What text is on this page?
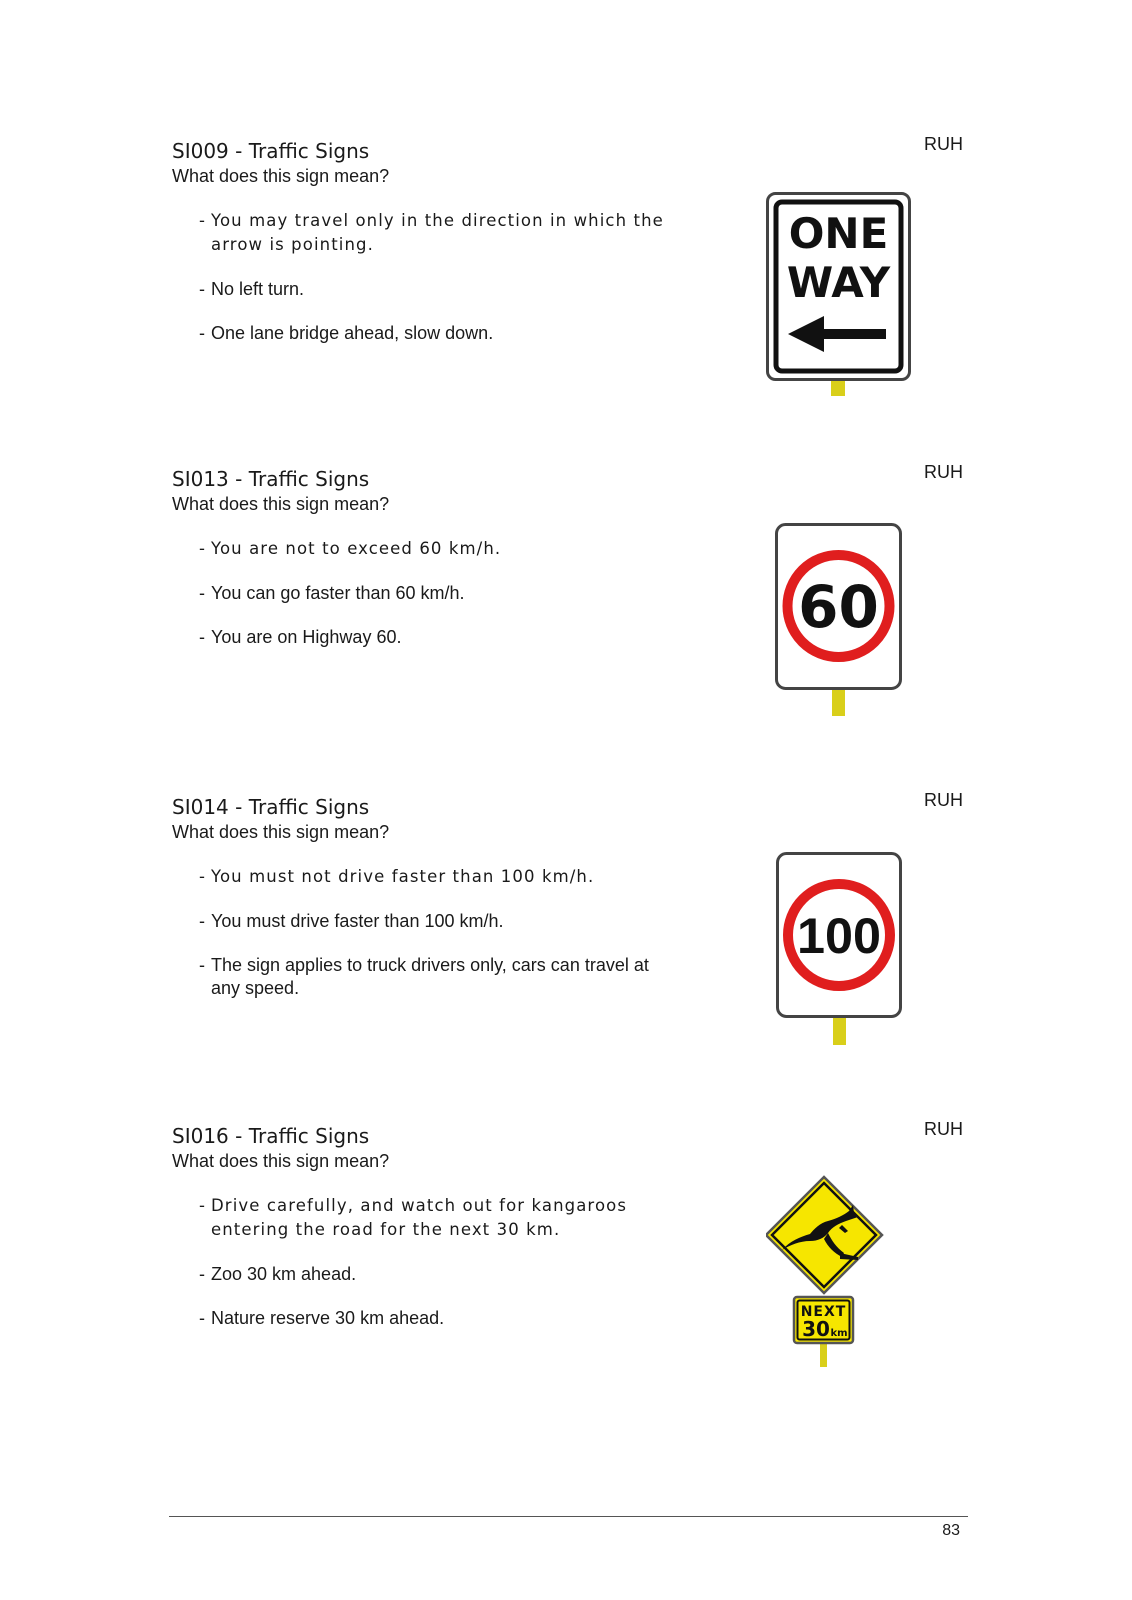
SI009 - Traffic Signs

What does this sign mean?

RUH

- You may travel only in the direction in which the arrow is pointing.

- No left turn.

- One lane bridge ahead, slow down.

ONE
WAY
SI013 - Traffic Signs

What does this sign mean?

RUH

- You are not to exceed 60 km/h.

- You can go faster than 60 km/h.

- You are on Highway 60.	60
SI014 - Traffic Signs

What does this sign mean?

RUH

- You must not drive faster than 100 km/h.

- You must drive faster than 100 km/h.

- The sign applies to truck drivers only, cars can travel at any speed.

100
SI016 - Traffic Signs

What does this sign mean?

RUH

- Drive carefully, and watch out for kangaroos entering the road for the next 30 km.

- Zoo 30 km ahead.

- Nature reserve 30 km ahead.	NEXT
30 km
83
